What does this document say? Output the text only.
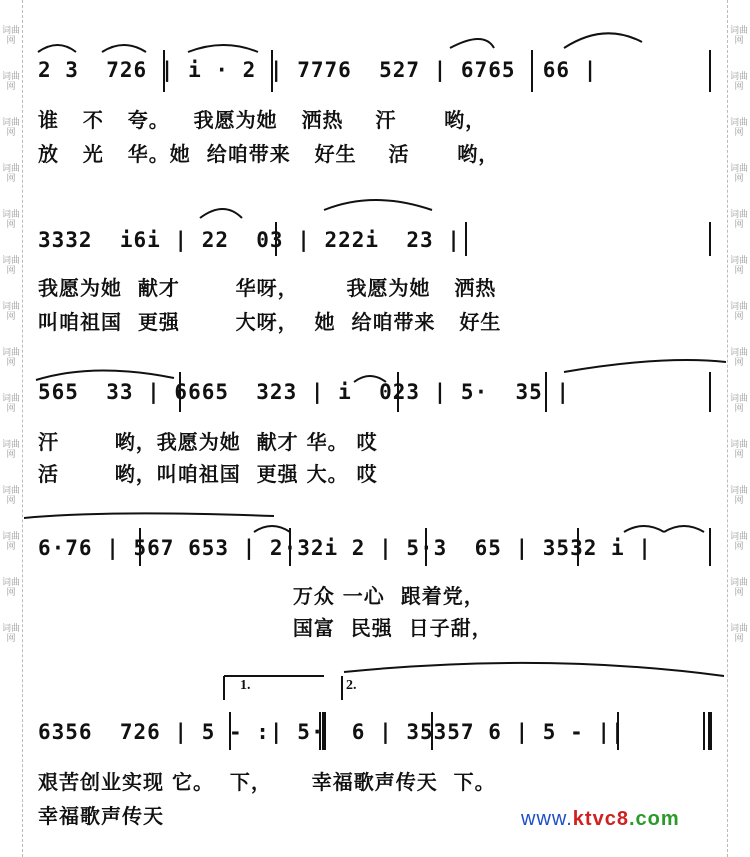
词曲网
词曲网
词曲网
词曲网
词曲网
词曲网
词曲网
词曲网
词曲网
词曲网
词曲网
词曲网
词曲网
词曲网
词曲网
词曲网
词曲网
词曲网
词曲网
词曲网
词曲网
词曲网
词曲网
词曲网
词曲网
词曲网
词曲网
词曲网
2 3  726 | i · 2 | 7776  527 | 6765  66 |
谁   不   夸。   我愿为她   洒热    汗      哟，
放   光   华。她  给咱带来   好生    活      哟，
3332  i6i | 22  03 | 222i  23 |
我愿为她  献才       华呀，      我愿为她   洒热
叫咱祖国  更强       大呀，  她  给咱带来   好生
565  33 | 6665  323 | i  023 | 5·  35 |
汗       哟，我愿为她  献才 华。 哎
活       哟，叫咱祖国  更强 大。 哎
6·76 | 567 653 | 2·32i 2 | 5·3  65 | 3532 i |
万众 一心  跟着党，
国富  民强  日子甜，
1.	2.
6356  726 | 5 - :| 5·  6 | 35357 6 | 5 - ||
艰苦创业实现 它。  下，     幸福歌声传天  下。
幸福歌声传天	www.ktvc8.com
